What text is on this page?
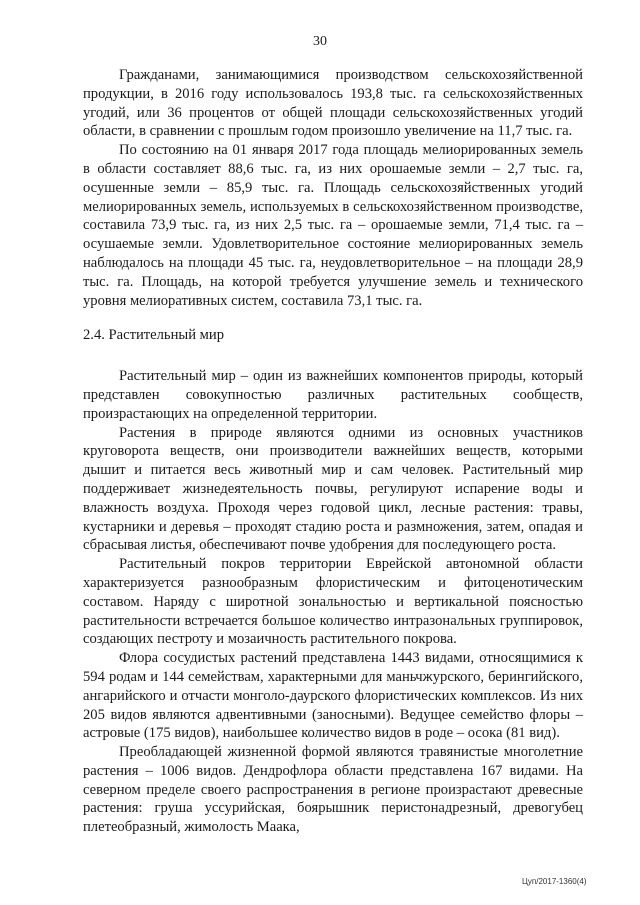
30

Гражданами, занимающимися производством сельскохозяйственной продукции, в 2016 году использовалось 193,8 тыс. га сельскохозяйственных угодий, или 36 процентов от общей площади сельскохозяйственных угодий области, в сравнении с прошлым годом произошло увеличение на 11,7 тыс. га.

По состоянию на 01 января 2017 года площадь мелиорированных земель в области составляет 88,6 тыс. га, из них орошаемые земли – 2,7 тыс. га, осушенные земли – 85,9 тыс. га. Площадь сельскохозяйственных угодий мелиорированных земель, используемых в сельскохозяйственном производстве, составила 73,9 тыс. га, из них 2,5 тыс. га – орошаемые земли, 71,4 тыс. га – осушаемые земли. Удовлетворительное состояние мелиорированных земель наблюдалось на площади 45 тыс. га, неудовлетворительное – на площади 28,9 тыс. га. Площадь, на которой требуется улучшение земель и технического уровня мелиоративных систем, составила 73,1 тыс. га.

2.4. Растительный мир

Растительный мир – один из важнейших компонентов природы, который представлен совокупностью различных растительных сообществ, произрастающих на определенной территории.

Растения в природе являются одними из основных участников круговорота веществ, они производители важнейших веществ, которыми дышит и питается весь животный мир и сам человек. Растительный мир поддерживает жизнедеятельность почвы, регулируют испарение воды и влажность воздуха. Проходя через годовой цикл, лесные растения: травы, кустарники и деревья – проходят стадию роста и размножения, затем, опадая и сбрасывая листья, обеспечивают почве удобрения для последующего роста.

Растительный покров территории Еврейской автономной области характеризуется разнообразным флористическим и фитоценотическим составом. Наряду с широтной зональностью и вертикальной поясностью растительности встречается большое количество интразональных группировок, создающих пестроту и мозаичность растительного покрова.

Флора сосудистых растений представлена 1443 видами, относящимися к 594 родам и 144 семействам, характерными для маньчжурского, берингийского, ангарийского и отчасти монголо-даурского флористических комплексов. Из них 205 видов являются адвентивными (заносными). Ведущее семейство флоры – астровые (175 видов), наибольшее количество видов в роде – осока (81 вид).

Преобладающей жизненной формой являются травянистые многолетние растения – 1006 видов. Дендрофлора области представлена 167 видами. На северном пределе своего распространения в регионе произрастают древесные растения: груша уссурийская, боярышник перистонадрезный, древогубец плетеобразный, жимолость Маака,

Цуп/2017-1360(4)
